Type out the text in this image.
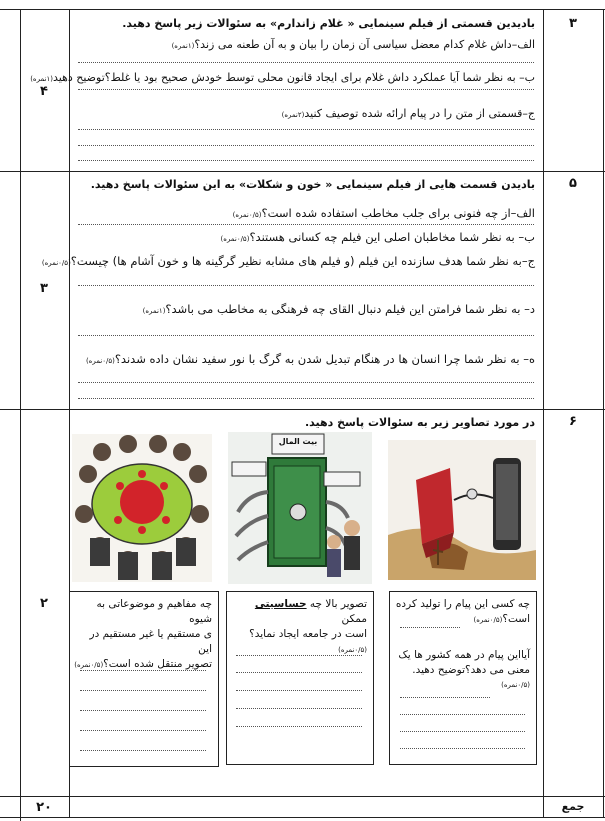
۳
۴
بادیدین قسمتی از فیلم سینمایی « غلام زاندارم» به سئوالات زیر پاسخ دهید.
الف–داش غلام کدام معضل سیاسی آن زمان را بیان و به آن طعنه می زند؟(۱نمره)
ب– به نظر شما آیا عملکرد داش غلام برای ایجاد قانون محلی توسط خودش صحیح بود یا غلط؟توضیح دهید(۱نمره)
ج–قسمتی از متن را در پیام ارائه شده توصیف کنید(۲نمره)
۵
۳
بادیدن قسمت هایی از فیلم سینمایی « خون و شکلات» به این سئوالات پاسخ دهید.
الف–از چه فنونی برای جلب مخاطب استفاده شده است؟(۰/۵نمره)
ب– به نظر شما مخاطبان اصلی این فیلم چه کسانی هستند؟(۰/۵نمره)
ج–به نظر شما هدف سازنده این فیلم (و فیلم های مشابه نظیر گرگینه ها و خون آشام ها) چیست؟(۰/۵نمره)
د– به نظر شما فرامتن این فیلم دنبال القای چه فرهنگی به مخاطب می باشد؟(۱نمره)
ه– به نظر شما چرا انسان ها در هنگام تبدیل شدن به گرگ با نور سفید نشان داده شدند؟(۰/۵نمره)
۶
۲
در مورد تصاویر زیر به سئوالات پاسخ دهید.
بیت المال
چه کسی این پیام را تولید کرده
است؟(۰/۵نمره)
آیااین پیام در همه کشور ها یک
معنی می دهد؟توضیح دهید.
(۰/۵نمره)
تصویر بالا چه حساسیتی ممکن
است در جامعه ایجاد نماید؟(۰/۵نمره)
چه مفاهیم و موضوعاتی به شیوه
ی مستقیم یا غیر مستقیم در این
تصویر منتقل شده است؟(۰/۵نمره)
جمع
۲۰
